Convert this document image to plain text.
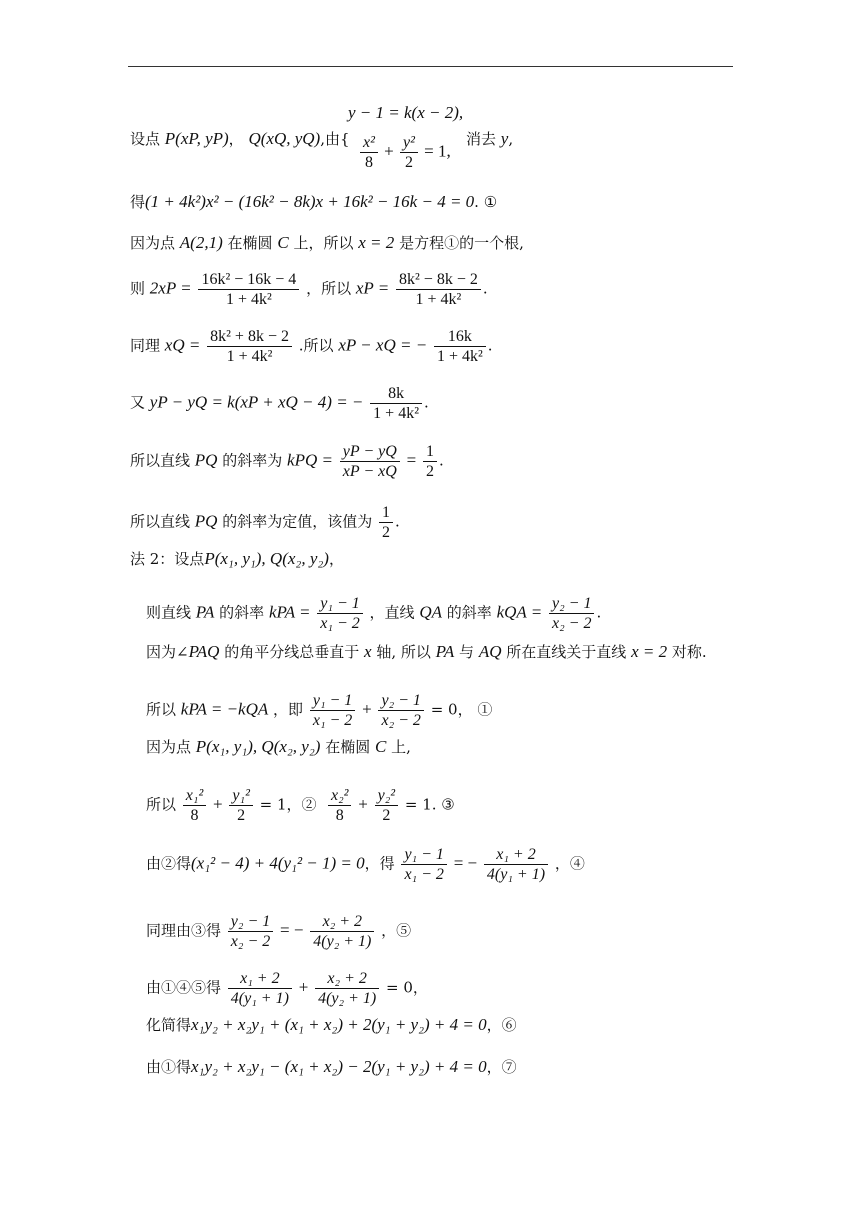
y − 1 = k(x − 2),
$\frac{\text{x²}}{8} + \frac{\text{y²}}{2} = 1$,
设点 P(xP, yP)， Q(xQ, yQ),由{	消去 y,
得(1 + 4k²)x² − (16k² − 8k)x + 16k² − 16k − 4 = 0. ①
因为点 A(2,1) 在椭圆 C 上，所以 x = 2 是方程①的一个根,
则 $2xP = \frac{\text{16k² − 16k − 4}}{\text{1 + 4k²}}$ ，所以 xP = $\frac{\text{8k² − 8k − 2}}{\text{1 + 4k²}}$ .
同理 xQ = $\frac{\text{8k² + 8k − 2}}{\text{1 + 4k²}}$ .所以 xP − xQ = − $\frac{16k}{\text{1 + 4k²}}$ .
又 yP − yQ = k(xP + xQ − 4) = − $\frac{8k}{\text{1 + 4k²}}$ .
所以直线 PQ 的斜率为 kPQ = $\frac{yP - yQ}{xP - xQ} = \frac{1}{2}$ .
所以直线 PQ 的斜率为定值，该值为 $\frac{1}{2}$ .
法 2：设点P(x₁, y₁), Q(x₂, y₂)，
则直线 PA 的斜率 kPA = $\frac{\text{y₁ − 1}}{\text{x₁ − 2}}$ ，直线 QA 的斜率 kQA = $\frac{\text{y₂ − 1}}{\text{x₂ − 2}}$ .
因为∠PAQ 的角平分线总垂直于 x 轴, 所以 PA 与 AQ 所在直线关于直线 x = 2 对称.
所以 kPA = −kQA ，即 $\frac{\text{y₁ − 1}}{\text{x₁ − 2}} + \frac{\text{y₂ − 1}}{\text{x₂ − 2}} = 0$， ①
因为点 P(x₁, y₁), Q(x₂, y₂) 在椭圆 C 上,
所以 $\frac{\text{x₁²}}{8} + \frac{\text{y₁²}}{2} = 1$，② $\frac{\text{x₂²}}{8} + \frac{\text{y₂²}}{2} = 1$. ③
由②得(x₁² − 4) + 4(y₁² − 1) = 0，得 $\frac{\text{y₁ − 1}}{\text{x₁ − 2}}$ = − $\frac{\text{x₁ + 2}}{\text{4(y₁ + 1)}}$ ，④
同理由③得 $\frac{\text{y₂ − 1}}{\text{x₂ − 2}}$ = − $\frac{\text{x₂ + 2}}{\text{4(y₂ + 1)}}$ ，⑤
由①④⑤得 $\frac{\text{x₁ + 2}}{\text{4(y₁ + 1)}} + \frac{\text{x₂ + 2}}{\text{4(y₂ + 1)}} = 0$，
化简得x₁y₂ + x₂y₁ + (x₁ + x₂) + 2(y₁ + y₂) + 4 = 0，⑥
由①得x₁y₂ + x₂y₁ − (x₁ + x₂) − 2(y₁ + y₂) + 4 = 0，⑦
